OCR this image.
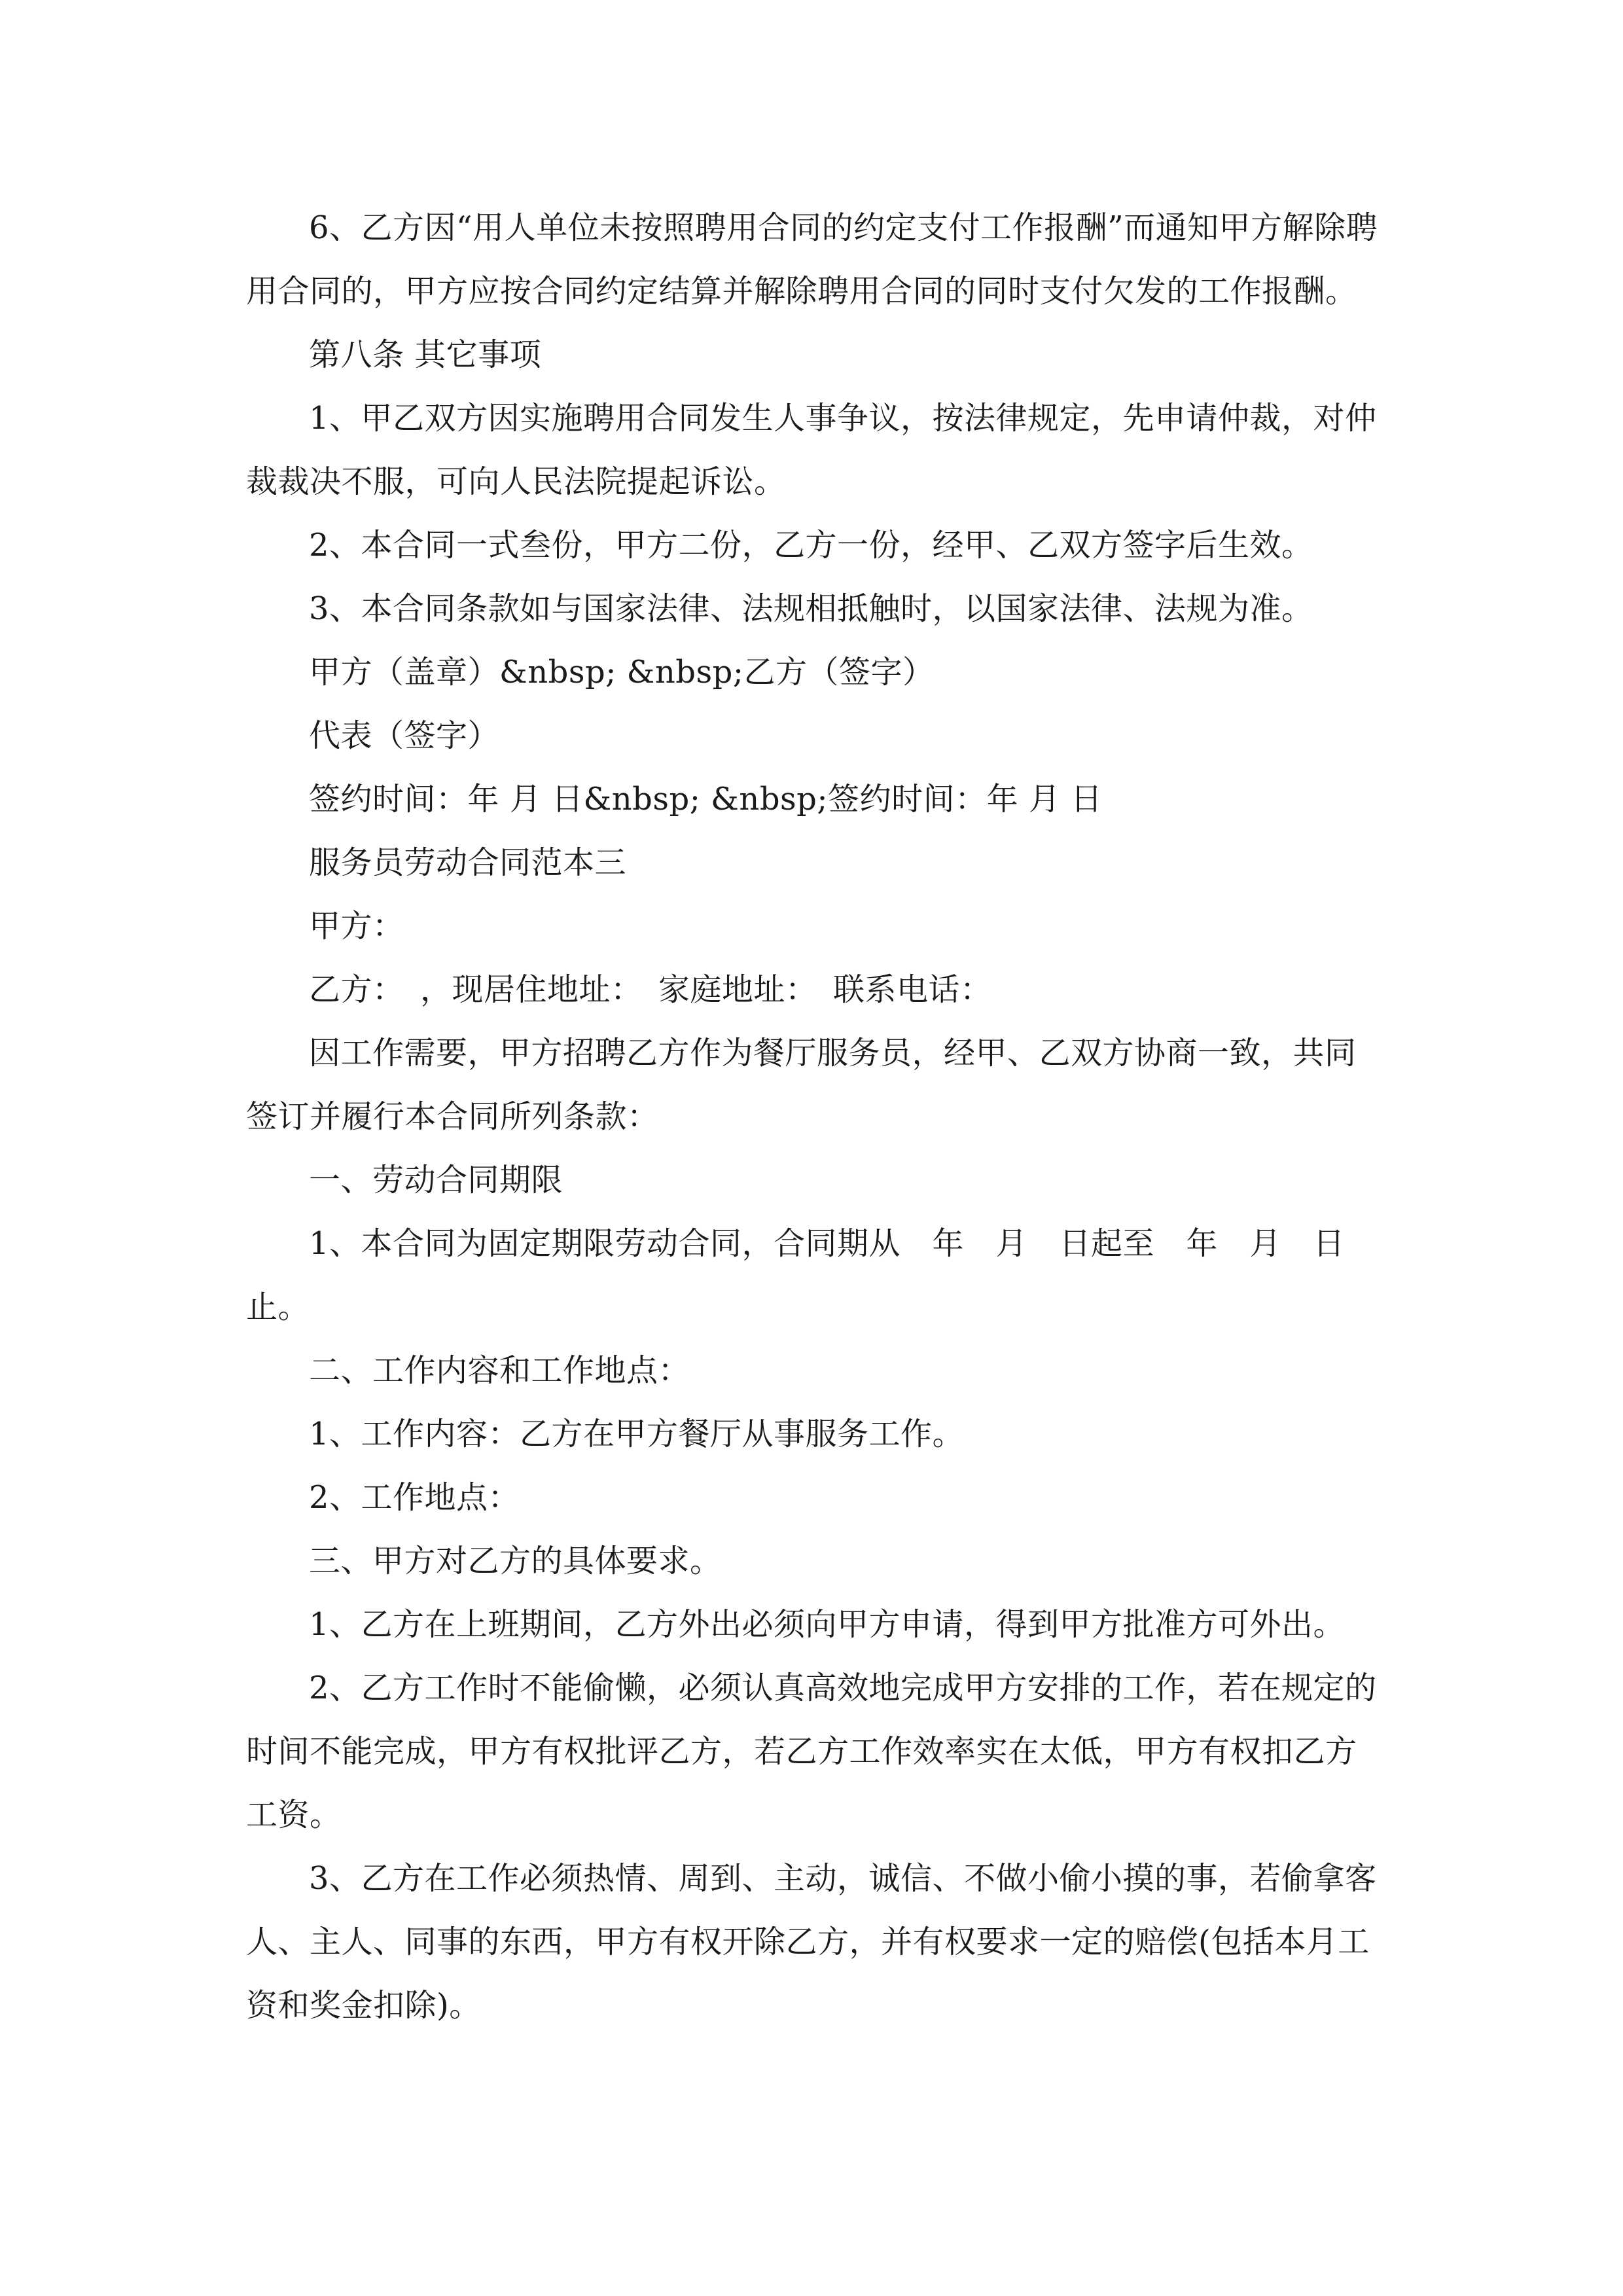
6、乙方因“用人单位未按照聘用合同的约定支付工作报酬”而通知甲方解除聘用合同的，甲方应按合同约定结算并解除聘用合同的同时支付欠发的工作报酬。

第八条 其它事项

1、甲乙双方因实施聘用合同发生人事争议，按法律规定，先申请仲裁，对仲裁裁决不服，可向人民法院提起诉讼。

2、本合同一式叁份，甲方二份，乙方一份，经甲、乙双方签字后生效。

3、本合同条款如与国家法律、法规相抵触时，以国家法律、法规为准。

甲方（盖章）&nbsp; &nbsp;乙方（签字）

代表（签字）

签约时间：年 月 日&nbsp; &nbsp;签约时间：年 月 日

服务员劳动合同范本三

甲方：

乙方：　，现居住地址：　家庭地址：　联系电话：

因工作需要，甲方招聘乙方作为餐厅服务员，经甲、乙双方协商一致，共同签订并履行本合同所列条款：

一、劳动合同期限

1、本合同为固定期限劳动合同，合同期从　年　月　日起至　年　月　日止。

二、工作内容和工作地点：

1、工作内容：乙方在甲方餐厅从事服务工作。

2、工作地点：

三、甲方对乙方的具体要求。

1、乙方在上班期间，乙方外出必须向甲方申请，得到甲方批准方可外出。

2、乙方工作时不能偷懒，必须认真高效地完成甲方安排的工作，若在规定的时间不能完成，甲方有权批评乙方，若乙方工作效率实在太低，甲方有权扣乙方工资。

3、乙方在工作必须热情、周到、主动，诚信、不做小偷小摸的事，若偷拿客人、主人、同事的东西，甲方有权开除乙方，并有权要求一定的赔偿(包括本月工资和奖金扣除)。
